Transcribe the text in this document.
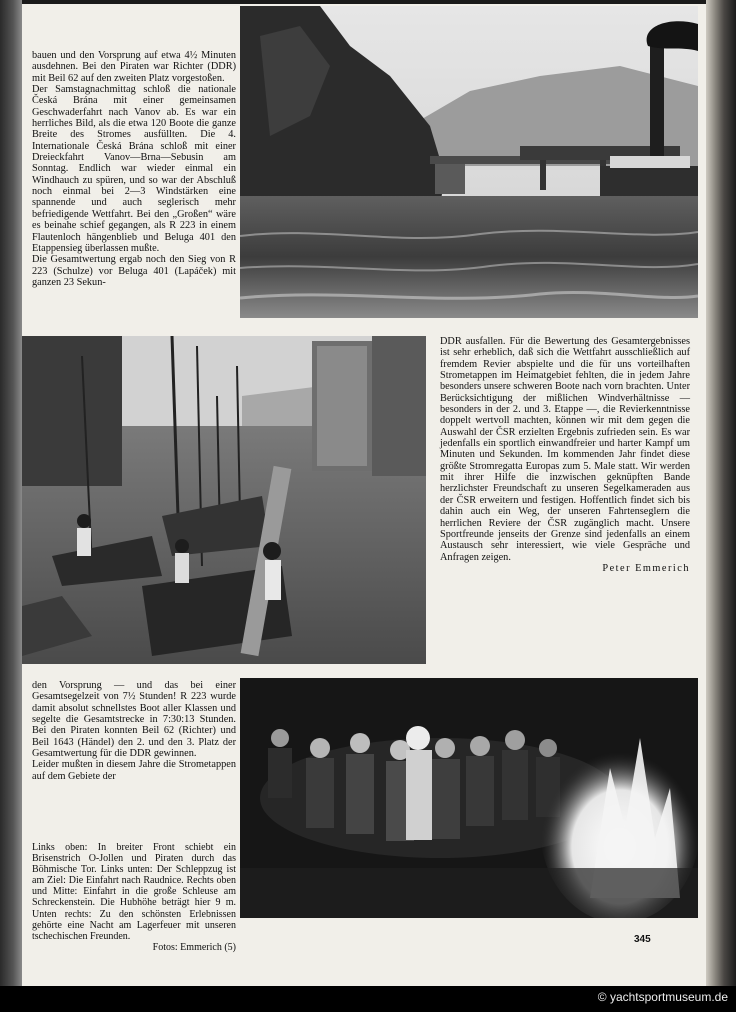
bauen und den Vorsprung auf etwa 4½ Minuten ausdehnen. Bei den Piraten war Richter (DDR) mit Beil 62 auf den zweiten Platz vorgestoßen.

Der Samstagnachmittag schloß die nationale Česká Brána mit einer gemeinsamen Geschwaderfahrt nach Vanov ab. Es war ein herrliches Bild, als die etwa 120 Boote die ganze Breite des Stromes ausfüllten. Die 4. Internationale Česká Brána schloß mit einer Dreieckfahrt Vanov—Brna—Sebusin am Sonntag. Endlich war wieder einmal ein Windhauch zu spüren, und so war der Abschluß noch einmal bei 2—3 Windstärken eine spannende und auch seglerisch mehr befriedigende Wettfahrt. Bei den „Großen“ wäre es beinahe schief gegangen, als R 223 in einem Flautenloch hängenblieb und Beluga 401 den Etappensieg überlassen mußte.

Die Gesamtwertung ergab noch den Sieg von R 223 (Schulze) vor Beluga 401 (Lapáček) mit ganzen 23 Sekun-

DDR ausfallen. Für die Bewertung des Gesamtergebnisses ist sehr erheblich, daß sich die Wettfahrt ausschließlich auf fremdem Revier abspielte und die für uns vorteilhaften Strometappen im Heimatgebiet fehlten, die in jedem Jahre besonders unsere schweren Boote nach vorn brachten. Unter Berücksichtigung der mißlichen Windverhältnisse — besonders in der 2. und 3. Etappe —, die Revierkenntnisse doppelt wertvoll machten, können wir mit dem gegen die Auswahl der ČSR erzielten Ergebnis zufrieden sein. Es war jedenfalls ein sportlich einwandfreier und harter Kampf um Minuten und Sekunden. Im kommenden Jahr findet diese größte Stromregatta Europas zum 5. Male statt. Wir werden mit ihrer Hilfe die inzwischen geknüpften Bande herzlichster Freundschaft zu unseren Segelkameraden aus der ČSR erweitern und festigen. Hoffentlich findet sich bis dahin auch ein Weg, der unseren Fahrtenseglern die herrlichen Reviere der ČSR zugänglich macht. Unsere Sportfreunde jenseits der Grenze sind jedenfalls an einem Austausch sehr interessiert, wie viele Gespräche und Anfragen zeigen.

Peter Emmerich

den Vorsprung — und das bei einer Gesamtsegelzeit von 7½ Stunden! R 223 wurde damit absolut schnellstes Boot aller Klassen und segelte die Gesamtstrecke in 7:30:13 Stunden. Bei den Piraten konnten Beil 62 (Richter) und Beil 1643 (Händel) den 2. und den 3. Platz der Gesamtwertung für die DDR gewinnen.

Leider mußten in diesem Jahre die Strometappen auf dem Gebiete der

Links oben: In breiter Front schiebt ein Brisenstrich O-Jollen und Piraten durch das Böhmische Tor. Links unten: Der Schleppzug ist am Ziel: Die Einfahrt nach Raudnice. Rechts oben und Mitte: Einfahrt in die große Schleuse am Schreckenstein. Die Hubhöhe beträgt hier 9 m. Unten rechts: Zu den schönsten Erlebnissen gehörte eine Nacht am Lagerfeuer mit unseren tschechischen Freunden.
Fotos: Emmerich (5)
345
© yachtsportmuseum.de
